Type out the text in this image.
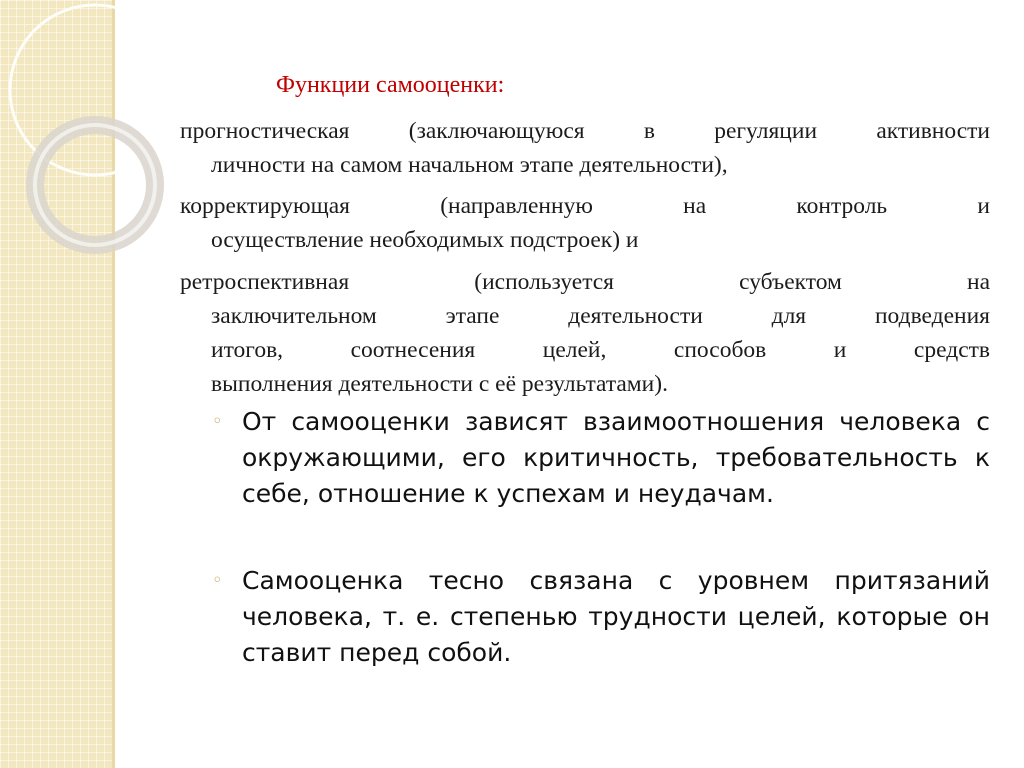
Функции самооценки:
прогностическая (заключающуюся в регуляции активности
личности на самом начальном этапе деятельности),
корректирующая (направленную на контроль и
осуществление необходимых подстроек) и
ретроспективная (используется субъектом на
заключительном этапе деятельности для подведения
итогов, соотнесения целей, способов и средств
выполнения деятельности с её результатами).
◦ От самооценки зависят взаимоотношения человека с окружающими, его критичность, требовательность к себе, отношение к успехам и неудачам.
◦ Самооценка тесно связана с уровнем притязаний человека, т. е. степенью трудности целей, которые он ставит перед собой.
